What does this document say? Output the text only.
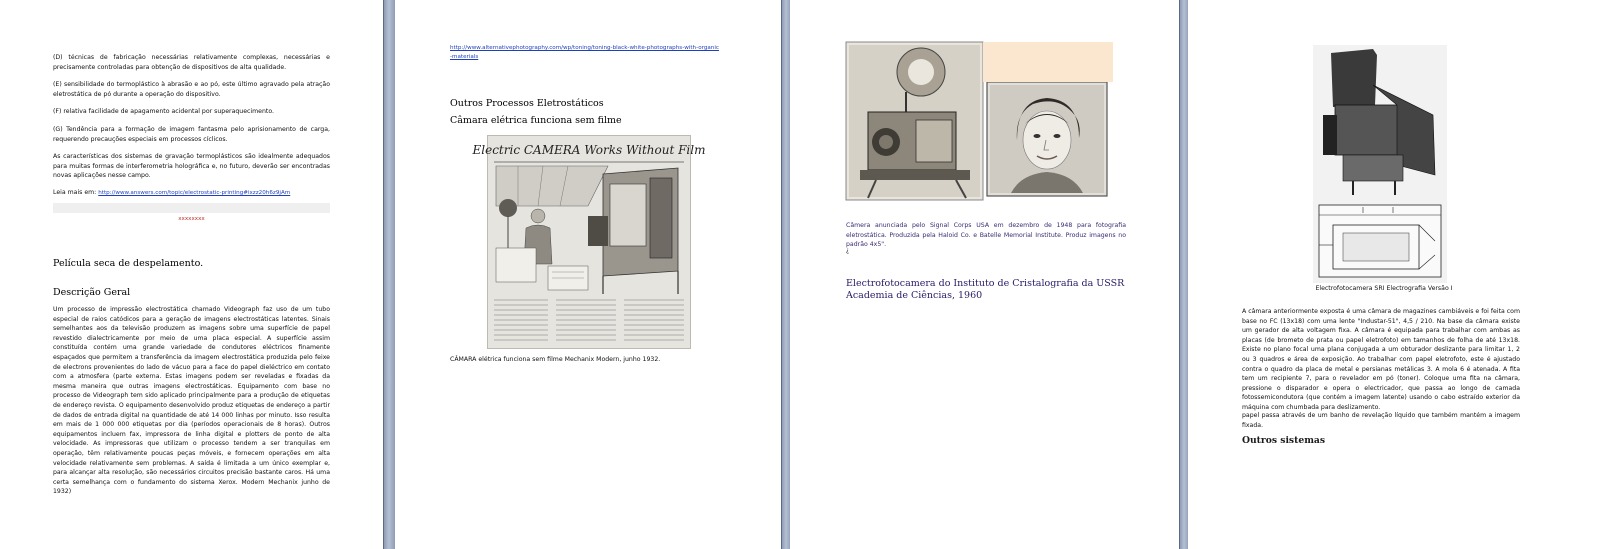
(D) técnicas de fabricação necessárias relativamente complexas, necessárias e precisamente controladas para obtenção de dispositivos de alta qualidade.

(E) sensibilidade do termoplástico à abrasão e ao pó, este último agravado pela atração eletrostática de pó durante a operação do dispositivo.

(F) relativa facilidade de apagamento acidental por superaquecimento.

(G) Tendência para a formação de imagem fantasma pelo aprisionamento de carga, requerendo precauções especiais em processos cíclicos.

As características dos sistemas de gravação termoplásticos são idealmente adequados para muitas formas de interferometria holográfica e, no futuro, deverão ser encontradas novas aplicações nesse campo.

Leia mais em: http://www.answers.com/topic/electrostatic-printing#ixzz20h6z9jAm

xxxxxxxx

Película seca de despelamento.

Descrição Geral

Um processo de impressão electrostática chamado Videograph faz uso de um tubo especial de raios catódicos para a geração de imagens electrostáticas latentes. Sinais semelhantes aos da televisão produzem as imagens sobre uma superfície de papel revestido dialectricamente por meio de uma placa especial. A superfície assim constituída contém uma grande variedade de condutores eléctricos finamente espaçados que permitem a transferência da imagem electrostática produzida pelo feixe de electrons provenientes do lado de vácuo para a face do papel dieléctrico em contato com a atmosfera (parte externa. Estas imagens podem ser reveladas e fixadas da mesma maneira que outras imagens electrostáticas. Equipamento com base no processo de Videograph tem sido aplicado principalmente para a produção de etiquetas de endereço revista. O equipamento desenvolvido produz etiquetas de endereço a partir de dados de entrada digital na quantidade de até 14 000 linhas por minuto. Isso resulta em mais de 1 000 000 etiquetas por dia (períodos operacionais de 8 horas). Outros equipamentos incluem fax, impressora de linha digital e plotters de ponto de alta velocidade. As impressoras que utilizam o processo tendem a ser tranquilas em operação, têm relativamente poucas peças móveis, e fornecem operações em alta velocidade relativamente sem problemas. A saída é limitada a um único exemplar e, para alcançar alta resolução, são necessários circuitos precisão bastante caros. Há uma certa semelhança com o fundamento do sistema Xerox. Modern Mechanix junho de 1932)

http://www.alternativephotography.com/wp/toning/toning-black-white-photographs-with-organic-materials

Outros Processos Eletrostáticos

Câmara elétrica funciona sem filme

Electric CAMERA Works Without Film

CÂMARA elétrica funciona sem filme Mechanix Modern, junho 1932.

Câmera anunciada pelo Signal Corps USA em dezembro de 1948 para fotografia eletrostática. Produzida pela Haloid Co. e Batelle Memorial Institute. Produz imagens no padrão 4x5".

¿

Electrofotocamera do Instituto de Cristalografia da USSR Academia de Ciências, 1960

Electrofotocamera SRI Electrografia Versão I

A câmara anteriormente exposta é uma câmara de magazines cambiáveis e foi feita com base no FC (13x18) com uma lente "Industar-51", 4,5 / 210. Na base da câmara existe um gerador de alta voltagem fixa. A câmara é equipada para trabalhar com ambas as placas (de brometo de prata ou papel eletrofoto) em tamanhos de folha de até 13x18. Existe no plano focal uma plana conjugada a um obturador deslizante para limitar 1, 2 ou 3 quadros e área de exposição. Ao trabalhar com papel eletrofoto, este é ajustado contra o quadro da placa de metal e persianas metálicas 3. A mola 6 é atenada. A fita tem um recipiente 7, para o revelador em pó (toner). Coloque uma fita na câmara, pressione o disparador e opera o electricador, que passa ao longo de camada fotossemicondutora (que contém a imagem latente) usando o cabo estraído exterior da máquina com chumbada para deslizamento.

papel passa através de um banho de revelação líquido que também mantém a imagem fixada.

Outros sistemas
